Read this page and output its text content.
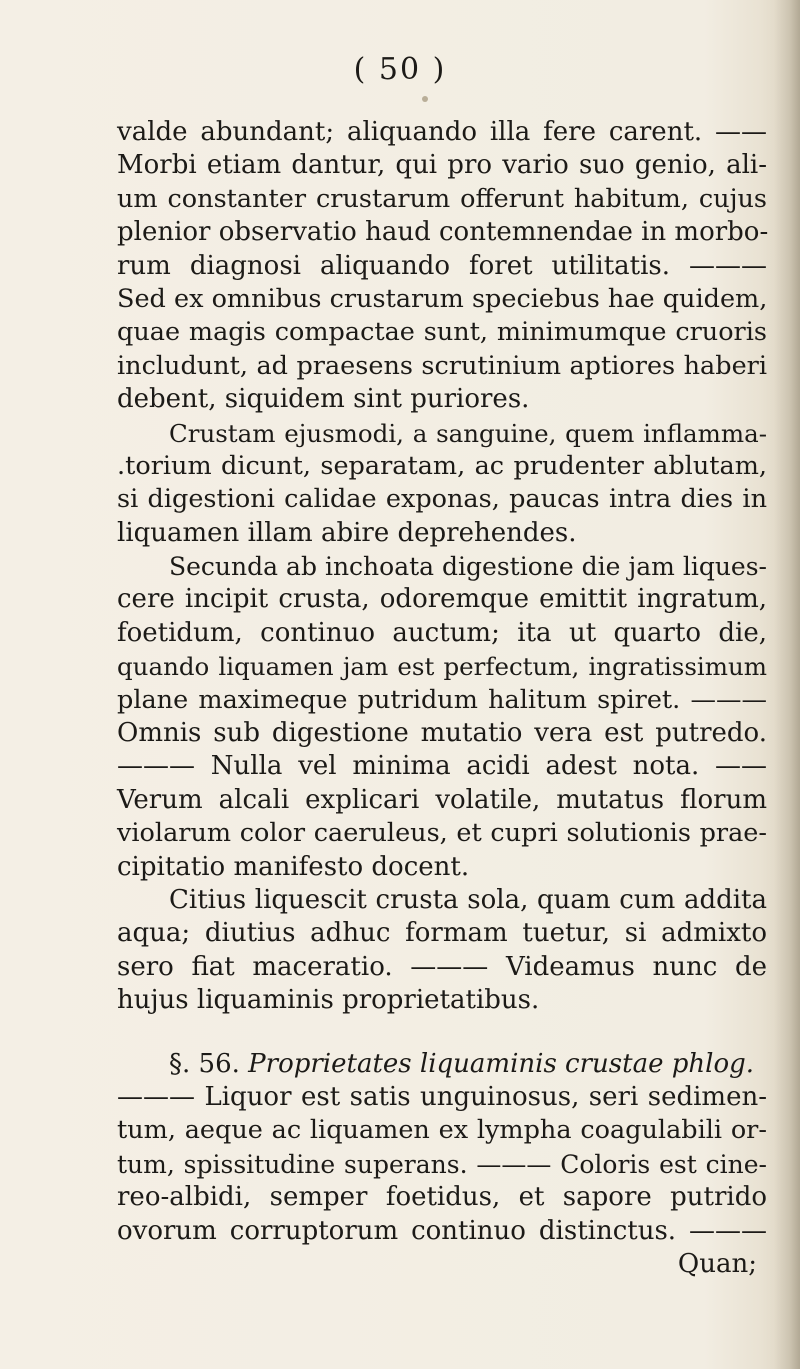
( 50 )
valde abundant; aliquando illa fere carent. ——
Morbi etiam dantur, qui pro vario suo genio, ali-
um constanter crustarum offerunt habitum, cujus
plenior observatio haud contemnendae in morbo-
rum diagnosi aliquando foret utilitatis. ———
Sed ex omnibus crustarum speciebus hae quidem,
quae magis compactae sunt, minimumque cruoris
includunt, ad praesens scrutinium aptiores haberi
debent, siquidem sint puriores.
Crustam ejusmodi, a sanguine, quem inflamma-
.torium dicunt, separatam, ac prudenter ablutam,
si digestioni calidae exponas, paucas intra dies in
liquamen illam abire deprehendes.
Secunda ab inchoata digestione die jam liques-
cere incipit crusta, odoremque emittit ingratum,
foetidum, continuo auctum; ita ut quarto die,
quando liquamen jam est perfectum, ingratissimum
plane maximeque putridum halitum spiret. ———
Omnis sub digestione mutatio vera est putredo.
——— Nulla vel minima acidi adest nota. ——
Verum alcali explicari volatile, mutatus florum
violarum color caeruleus, et cupri solutionis prae-
cipitatio manifesto docent.
Citius liquescit crusta sola, quam cum addita
aqua; diutius adhuc formam tuetur, si admixto
sero fiat maceratio. ——— Videamus nunc de
hujus liquaminis proprietatibus.
§. 56. Proprietates liquaminis crustae phlog.
——— Liquor est satis unguinosus, seri sedimen-
tum, aeque ac liquamen ex lympha coagulabili or-
tum, spissitudine superans. ——— Coloris est cine-
reo-albidi, semper foetidus, et sapore putrido
ovorum corruptorum continuo distinctus. ———
Quan;
